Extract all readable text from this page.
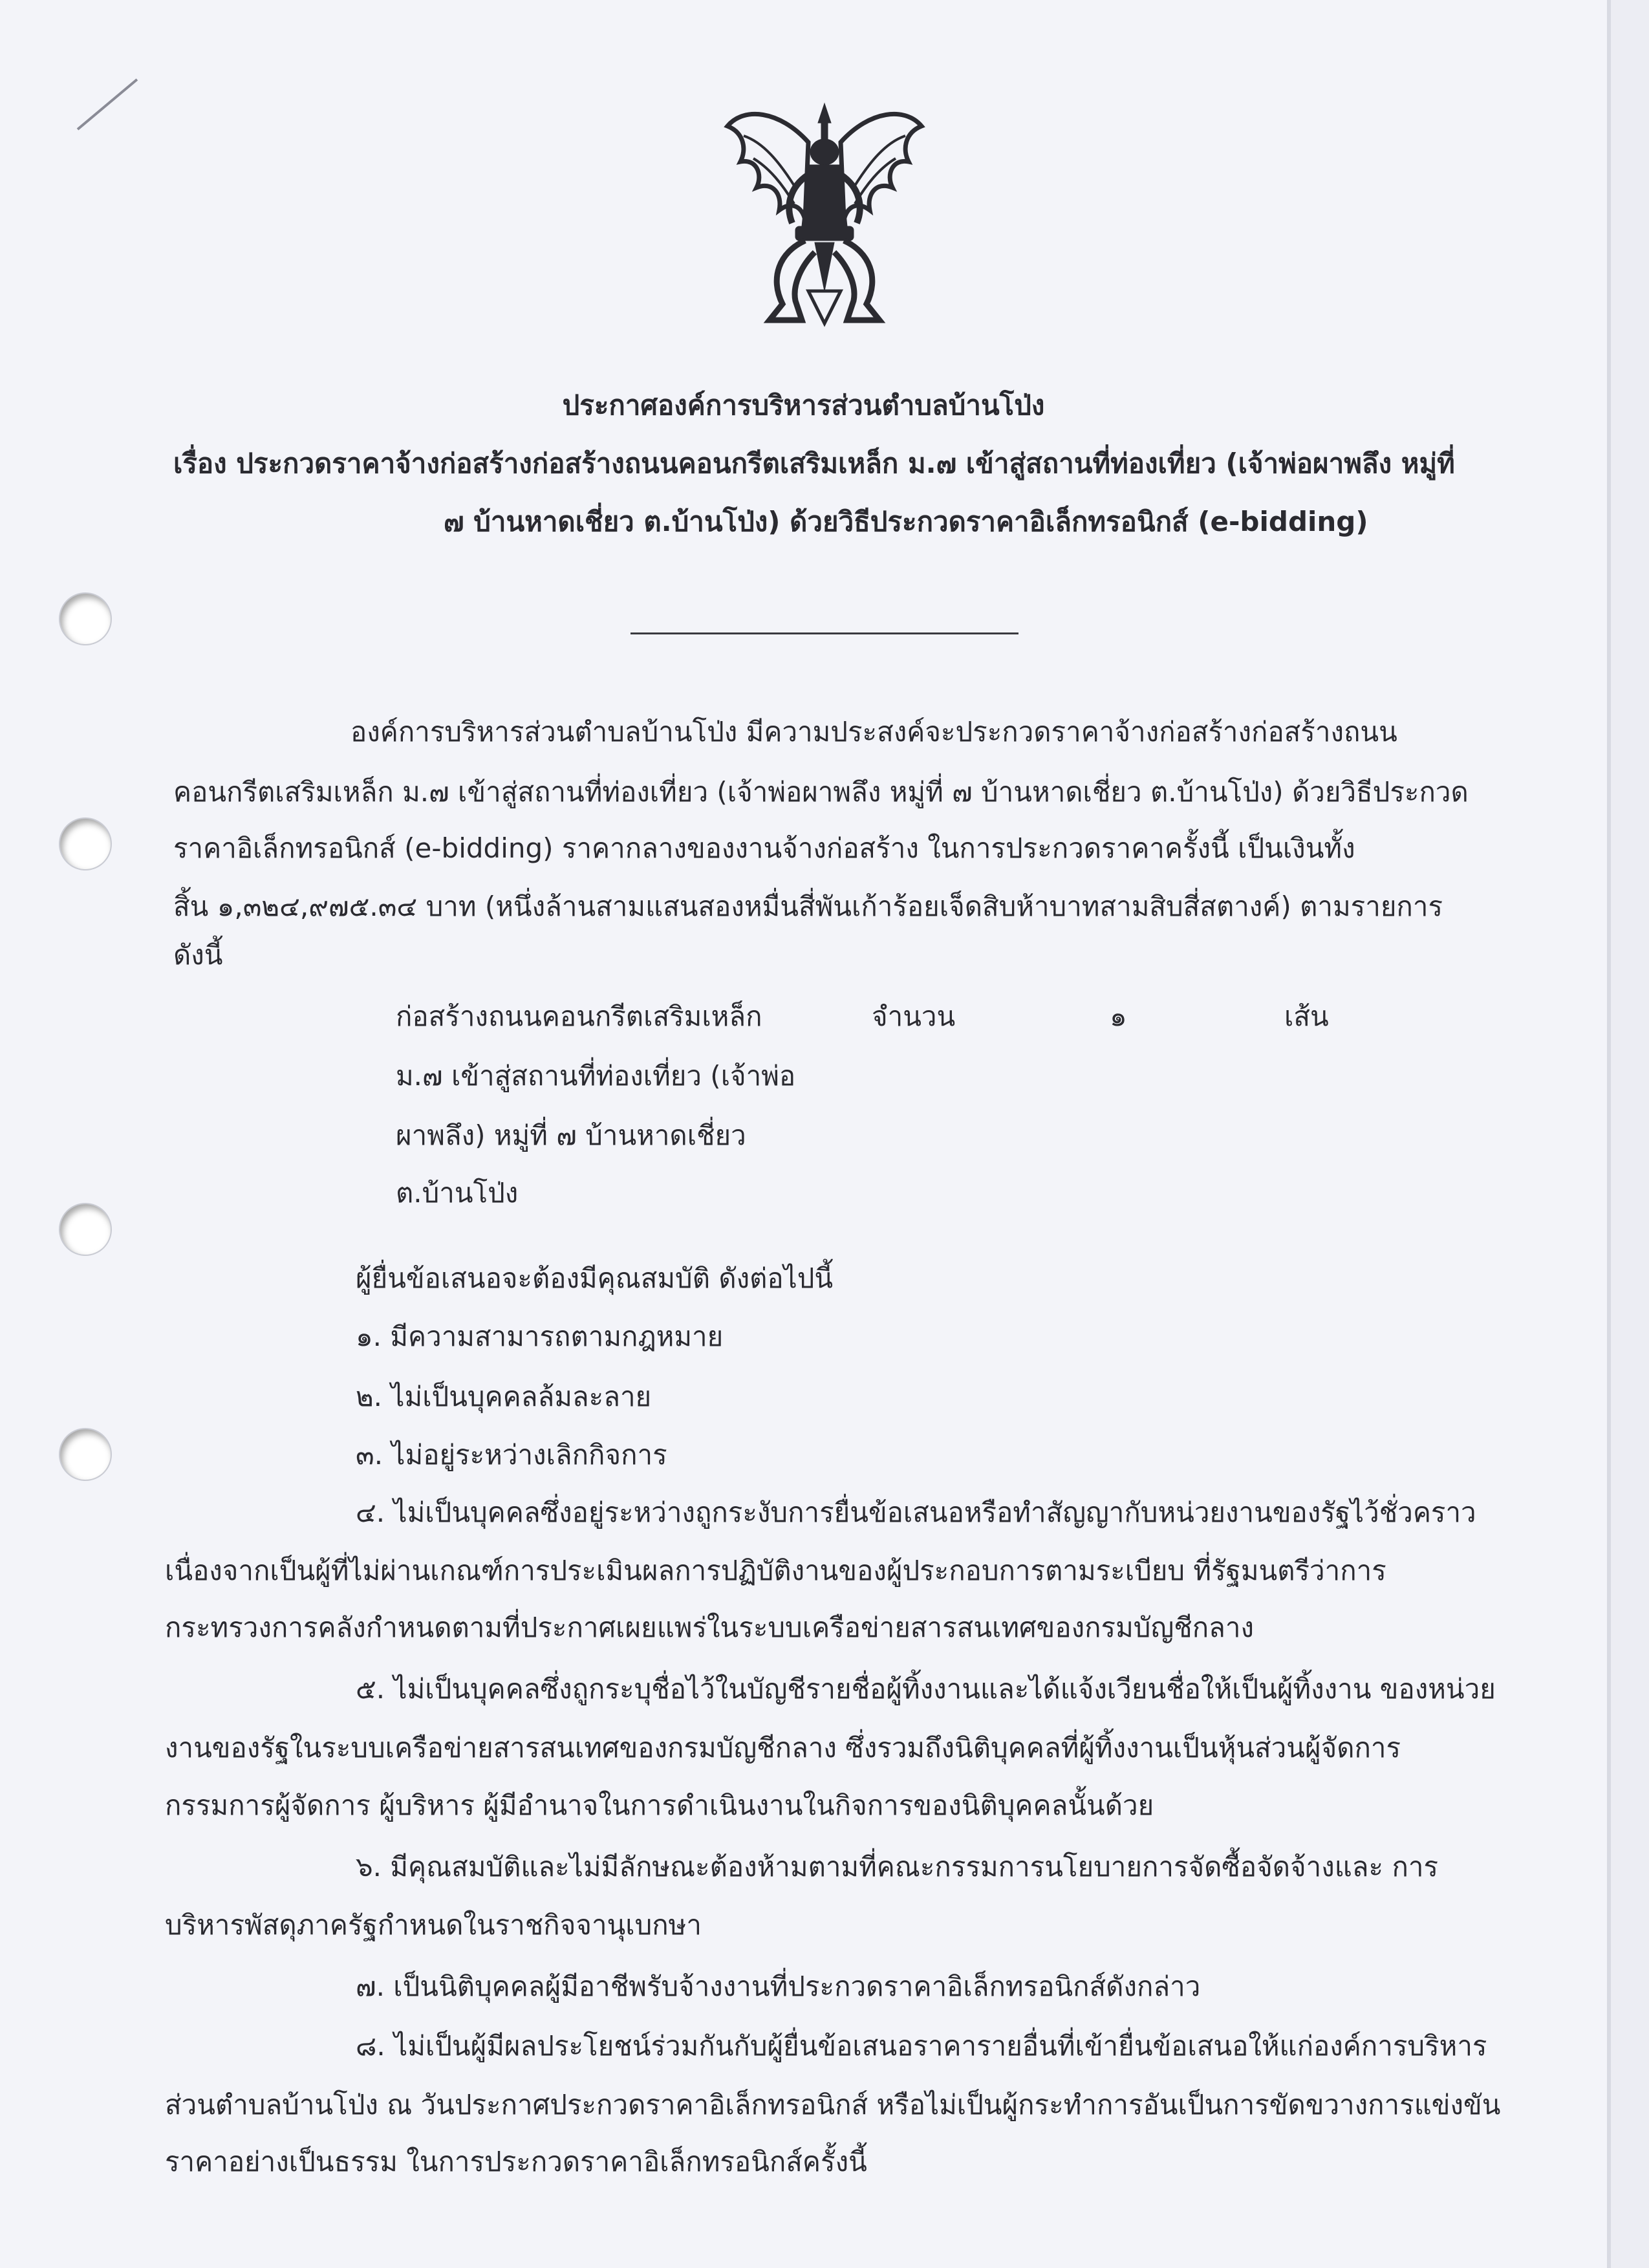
ประกาศองค์การบริหารส่วนตำบลบ้านโป่ง
เรื่อง ประกวดราคาจ้างก่อสร้างก่อสร้างถนนคอนกรีตเสริมเหล็ก ม.๗ เข้าสู่สถานที่ท่องเที่ยว (เจ้าพ่อผาพลึง หมู่ที่
๗ บ้านหาดเชี่ยว ต.บ้านโป่ง) ด้วยวิธีประกวดราคาอิเล็กทรอนิกส์ (e-bidding)
องค์การบริหารส่วนตำบลบ้านโป่ง มีความประสงค์จะประกวดราคาจ้างก่อสร้างก่อสร้างถนน
คอนกรีตเสริมเหล็ก ม.๗ เข้าสู่สถานที่ท่องเที่ยว (เจ้าพ่อผาพลึง หมู่ที่ ๗ บ้านหาดเชี่ยว ต.บ้านโป่ง) ด้วยวิธีประกวด
ราคาอิเล็กทรอนิกส์ (e-bidding) ราคากลางของงานจ้างก่อสร้าง ในการประกวดราคาครั้งนี้ เป็นเงินทั้ง
สิ้น ๑,๓๒๔,๙๗๕.๓๔ บาท (หนึ่งล้านสามแสนสองหมื่นสี่พันเก้าร้อยเจ็ดสิบห้าบาทสามสิบสี่สตางค์) ตามรายการ
ดังนี้
ก่อสร้างถนนคอนกรีตเสริมเหล็ก
ม.๗ เข้าสู่สถานที่ท่องเที่ยว (เจ้าพ่อ
ผาพลึง) หมู่ที่ ๗ บ้านหาดเชี่ยว
ต.บ้านโป่ง
จำนวน	๑	เส้น
ผู้ยื่นข้อเสนอจะต้องมีคุณสมบัติ ดังต่อไปนี้
๑. มีความสามารถตามกฎหมาย
๒. ไม่เป็นบุคคลล้มละลาย
๓. ไม่อยู่ระหว่างเลิกกิจการ
๔. ไม่เป็นบุคคลซึ่งอยู่ระหว่างถูกระงับการยื่นข้อเสนอหรือทำสัญญากับหน่วยงานของรัฐไว้ชั่วคราว
เนื่องจากเป็นผู้ที่ไม่ผ่านเกณฑ์การประเมินผลการปฏิบัติงานของผู้ประกอบการตามระเบียบ ที่รัฐมนตรีว่าการ
กระทรวงการคลังกำหนดตามที่ประกาศเผยแพร่ในระบบเครือข่ายสารสนเทศของกรมบัญชีกลาง
๕. ไม่เป็นบุคคลซึ่งถูกระบุชื่อไว้ในบัญชีรายชื่อผู้ทิ้งงานและได้แจ้งเวียนชื่อให้เป็นผู้ทิ้งงาน ของหน่วย
งานของรัฐในระบบเครือข่ายสารสนเทศของกรมบัญชีกลาง ซึ่งรวมถึงนิติบุคคลที่ผู้ทิ้งงานเป็นหุ้นส่วนผู้จัดการ
กรรมการผู้จัดการ ผู้บริหาร ผู้มีอำนาจในการดำเนินงานในกิจการของนิติบุคคลนั้นด้วย
๖. มีคุณสมบัติและไม่มีลักษณะต้องห้ามตามที่คณะกรรมการนโยบายการจัดซื้อจัดจ้างและ การ
บริหารพัสดุภาครัฐกำหนดในราชกิจจานุเบกษา
๗. เป็นนิติบุคคลผู้มีอาชีพรับจ้างงานที่ประกวดราคาอิเล็กทรอนิกส์ดังกล่าว
๘. ไม่เป็นผู้มีผลประโยชน์ร่วมกันกับผู้ยื่นข้อเสนอราคารายอื่นที่เข้ายื่นข้อเสนอให้แก่องค์การบริหาร
ส่วนตำบลบ้านโป่ง ณ วันประกาศประกวดราคาอิเล็กทรอนิกส์ หรือไม่เป็นผู้กระทำการอันเป็นการขัดขวางการแข่งขัน
ราคาอย่างเป็นธรรม ในการประกวดราคาอิเล็กทรอนิกส์ครั้งนี้
